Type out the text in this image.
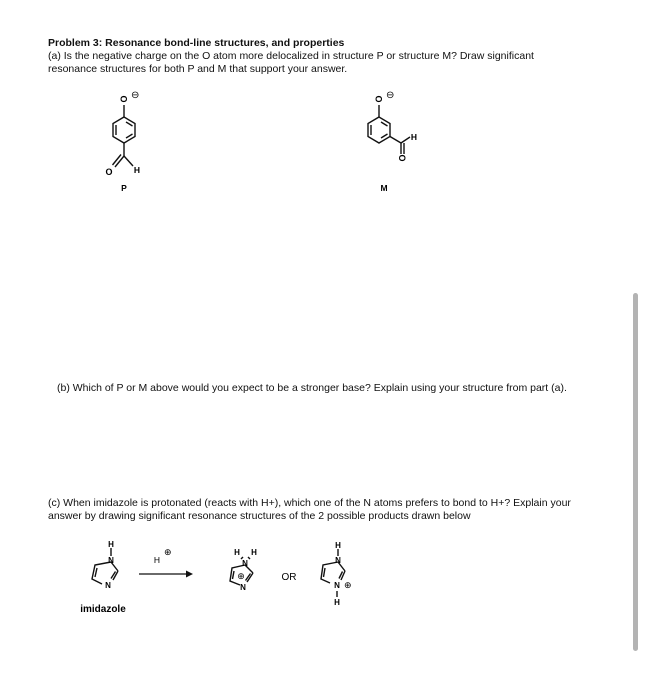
Problem 3: Resonance bond-line structures, and properties
(a) Is the negative charge on the O atom more delocalized in structure P or structure M? Draw significant
resonance structures for both P and M that support your answer.
O ⊖
O	H
P
O ⊖
H
O
M
(b) Which of P or M above would you expect to be a stronger base? Explain using your structure from part (a).
(c) When imidazole is protonated (reacts with H+), which one of the N atoms prefers to bond to H+? Explain your
answer by drawing significant resonance structures of the 2 possible products drawn below
H
N
N
imidazole
H
⊕	H H
N
⊕
N
OR
H
N
N ⊕
H
